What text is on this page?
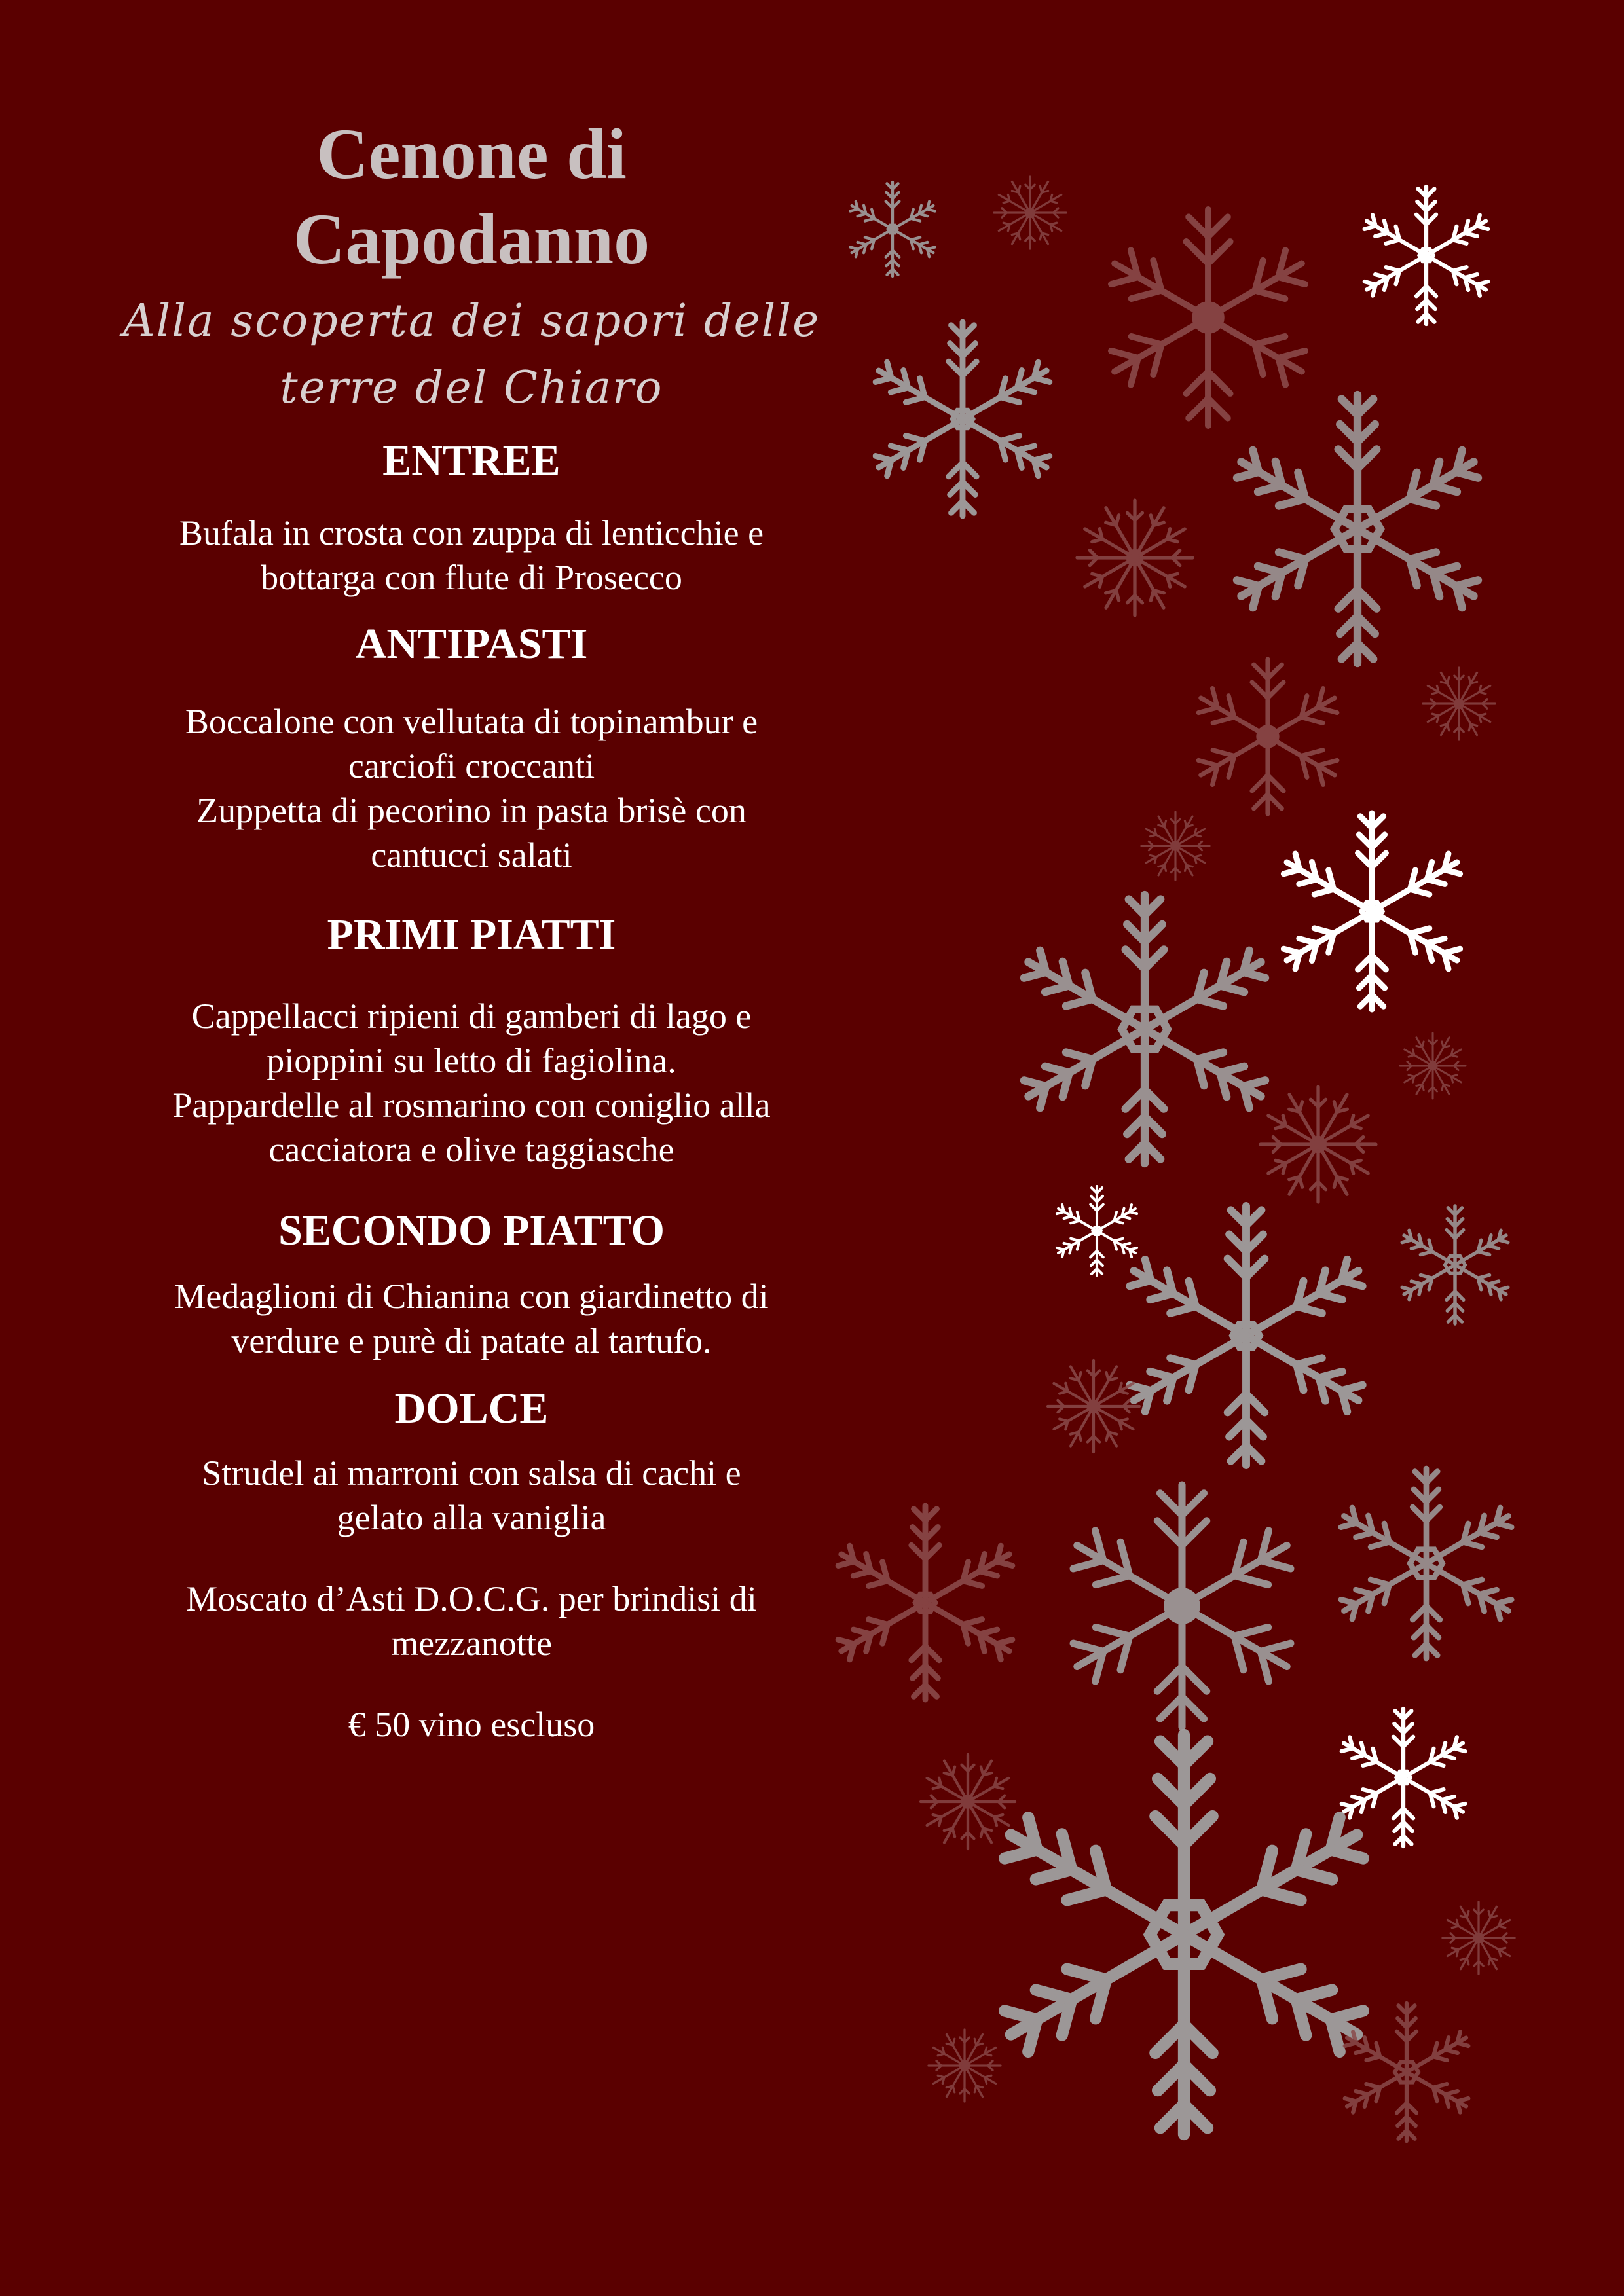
Cenone di
Capodanno

Alla scoperta dei sapori delle
terre del Chiaro

ENTREE

Bufala in crosta con zuppa di lenticchie e
bottarga con flute di Prosecco

ANTIPASTI

Boccalone con vellutata di topinambur e
carciofi croccanti
Zuppetta di pecorino in pasta brisè con
cantucci salati

PRIMI PIATTI

Cappellacci ripieni di gamberi di lago e
pioppini su letto di fagiolina.
Pappardelle al rosmarino con coniglio alla
cacciatora e olive taggiasche

SECONDO PIATTO

Medaglioni di Chianina con giardinetto di
verdure e purè di patate al tartufo.

DOLCE

Strudel ai marroni con salsa di cachi e
gelato alla vaniglia

Moscato d’Asti D.O.C.G. per brindisi di
mezzanotte

€ 50 vino escluso
